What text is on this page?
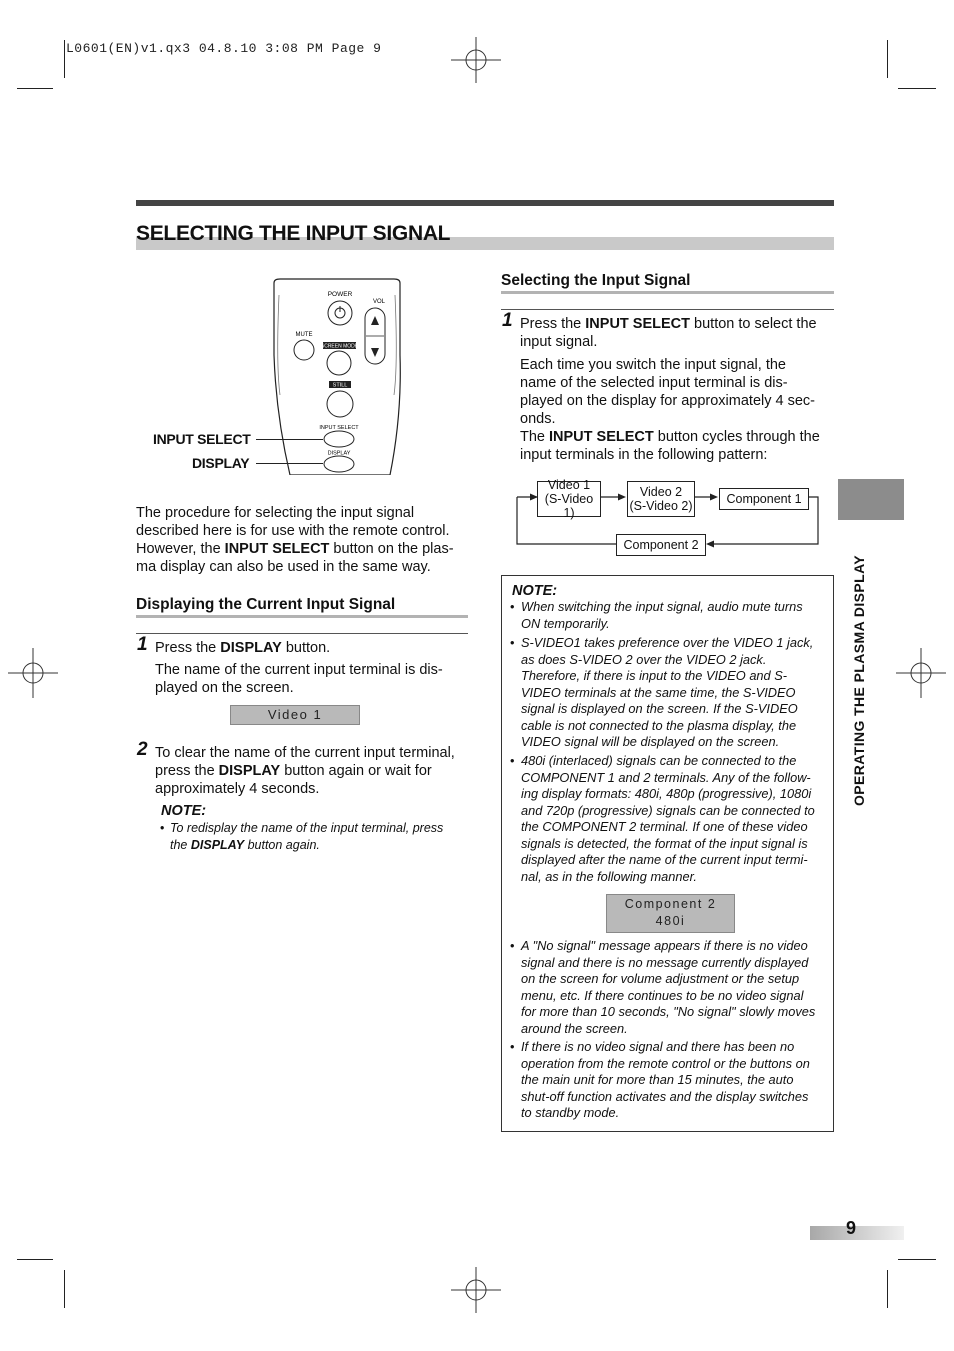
L0601(EN)v1.qx3 04.8.10 3:08 PM Page 9
SELECTING THE INPUT SIGNAL
POWER
VOL
MUTE
SCREEN MODE
STILL
INPUT SELECT
DISPLAY
INPUT SELECT
DISPLAY
The procedure for selecting the input signal
described here is for use with the remote control.
However, the INPUT SELECT button on the plas-
ma display can also be used in the same way.
Displaying the Current Input Signal
1 Press the DISPLAY button.
The name of the current input terminal is dis-
played on the screen.
Video 1
2 To clear the name of the current input terminal,
press the DISPLAY button again or wait for
approximately 4 seconds.
NOTE:
• To redisplay the name of the input terminal, press
the DISPLAY button again.
Selecting the Input Signal
1 Press the INPUT SELECT button to select the
input signal.
Each time you switch the input signal, the
name of the selected input terminal is dis-
played on the display for approximately 4 sec-
onds.
The INPUT SELECT button cycles through the
input terminals in the following pattern:
Video 1
(S-Video 1)
Video 2
(S-Video 2)	Component 1
Component 2
NOTE:
• When switching the input signal, audio mute turns
ON temporarily.
• S-VIDEO1 takes preference over the VIDEO 1 jack,
as does S-VIDEO 2 over the VIDEO 2 jack.
Therefore, if there is input to the VIDEO and S-
VIDEO terminals at the same time, the S-VIDEO
signal is displayed on the screen. If the S-VIDEO
cable is not connected to the plasma display, the
VIDEO signal will be displayed on the screen.
• 480i (interlaced) signals can be connected to the
COMPONENT 1 and 2 terminals. Any of the follow-
ing display formats: 480i, 480p (progressive), 1080i
and 720p (progressive) signals can be connected to
the COMPONENT 2 terminal. If one of these video
signals is detected, the format of the input signal is
displayed after the name of the current input termi-
nal, as in the following manner.
Component 2
480i
• A "No signal" message appears if there is no video
signal and there is no message currently displayed
on the screen for volume adjustment or the setup
menu, etc. If there continues to be no video signal
for more than 10 seconds, "No signal" slowly moves
around the screen.
• If there is no video signal and there has been no
operation from the remote control or the buttons on
the main unit for more than 15 minutes, the auto
shut-off function activates and the display switches
to standby mode.
OPERATING THE PLASMA DISPLAY
9
